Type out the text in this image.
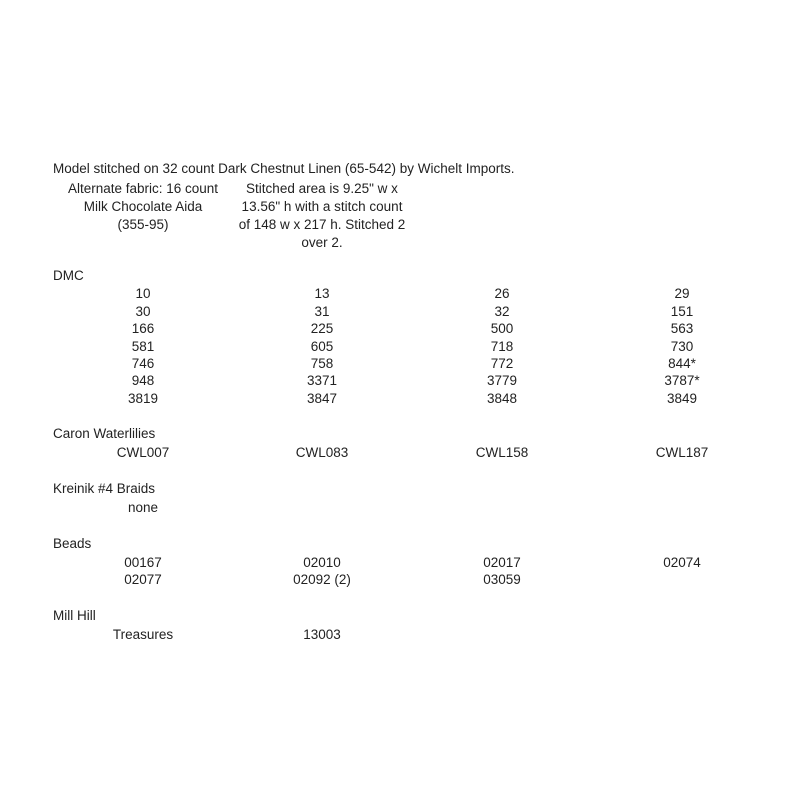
Model stitched on 32 count Dark Chestnut Linen (65-542) by Wichelt Imports.
Alternate fabric: 16 count
Milk Chocolate Aida
(355-95)
Stitched area is 9.25" w x
13.56" h with a stitch count
of 148 w x 217 h. Stitched 2
over 2.
DMC
10	13	26	29
30	31	32	151
166	225	500	563
581	605	718	730
746	758	772	844*
948	3371	3779	3787*
3819	3847	3848	3849
Caron Waterlilies
CWL007	CWL083	CWL158	CWL187
Kreinik #4 Braids
none
Beads
00167	02010	02017	02074
02077	02092 (2)	03059
Mill Hill
Treasures	13003
